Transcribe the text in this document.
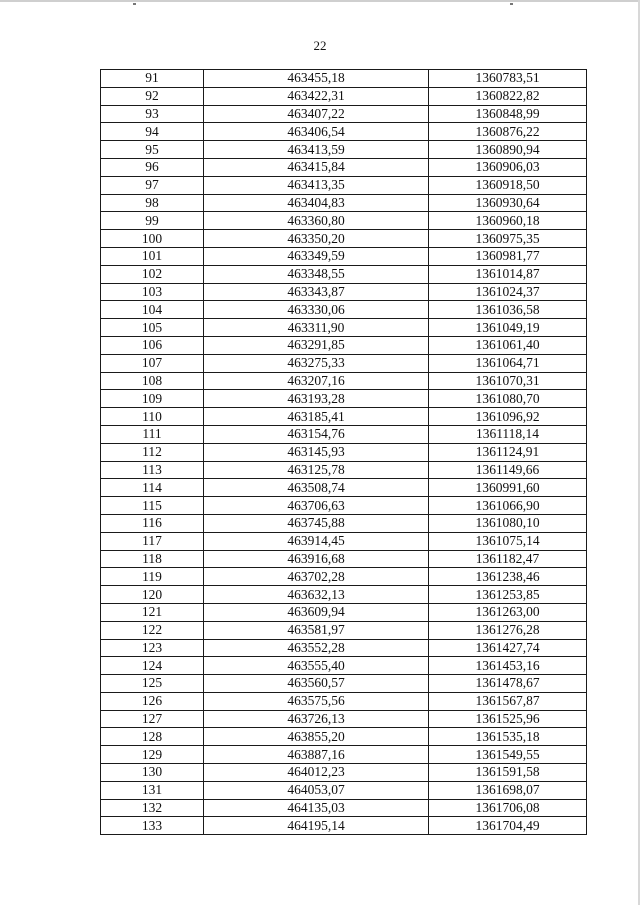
22
91	463455,18	1360783,51
92	463422,31	1360822,82
93	463407,22	1360848,99
94	463406,54	1360876,22
95	463413,59	1360890,94
96	463415,84	1360906,03
97	463413,35	1360918,50
98	463404,83	1360930,64
99	463360,80	1360960,18
100	463350,20	1360975,35
101	463349,59	1360981,77
102	463348,55	1361014,87
103	463343,87	1361024,37
104	463330,06	1361036,58
105	463311,90	1361049,19
106	463291,85	1361061,40
107	463275,33	1361064,71
108	463207,16	1361070,31
109	463193,28	1361080,70
110	463185,41	1361096,92
111	463154,76	1361118,14
112	463145,93	1361124,91
113	463125,78	1361149,66
114	463508,74	1360991,60
115	463706,63	1361066,90
116	463745,88	1361080,10
117	463914,45	1361075,14
118	463916,68	1361182,47
119	463702,28	1361238,46
120	463632,13	1361253,85
121	463609,94	1361263,00
122	463581,97	1361276,28
123	463552,28	1361427,74
124	463555,40	1361453,16
125	463560,57	1361478,67
126	463575,56	1361567,87
127	463726,13	1361525,96
128	463855,20	1361535,18
129	463887,16	1361549,55
130	464012,23	1361591,58
131	464053,07	1361698,07
132	464135,03	1361706,08
133	464195,14	1361704,49
